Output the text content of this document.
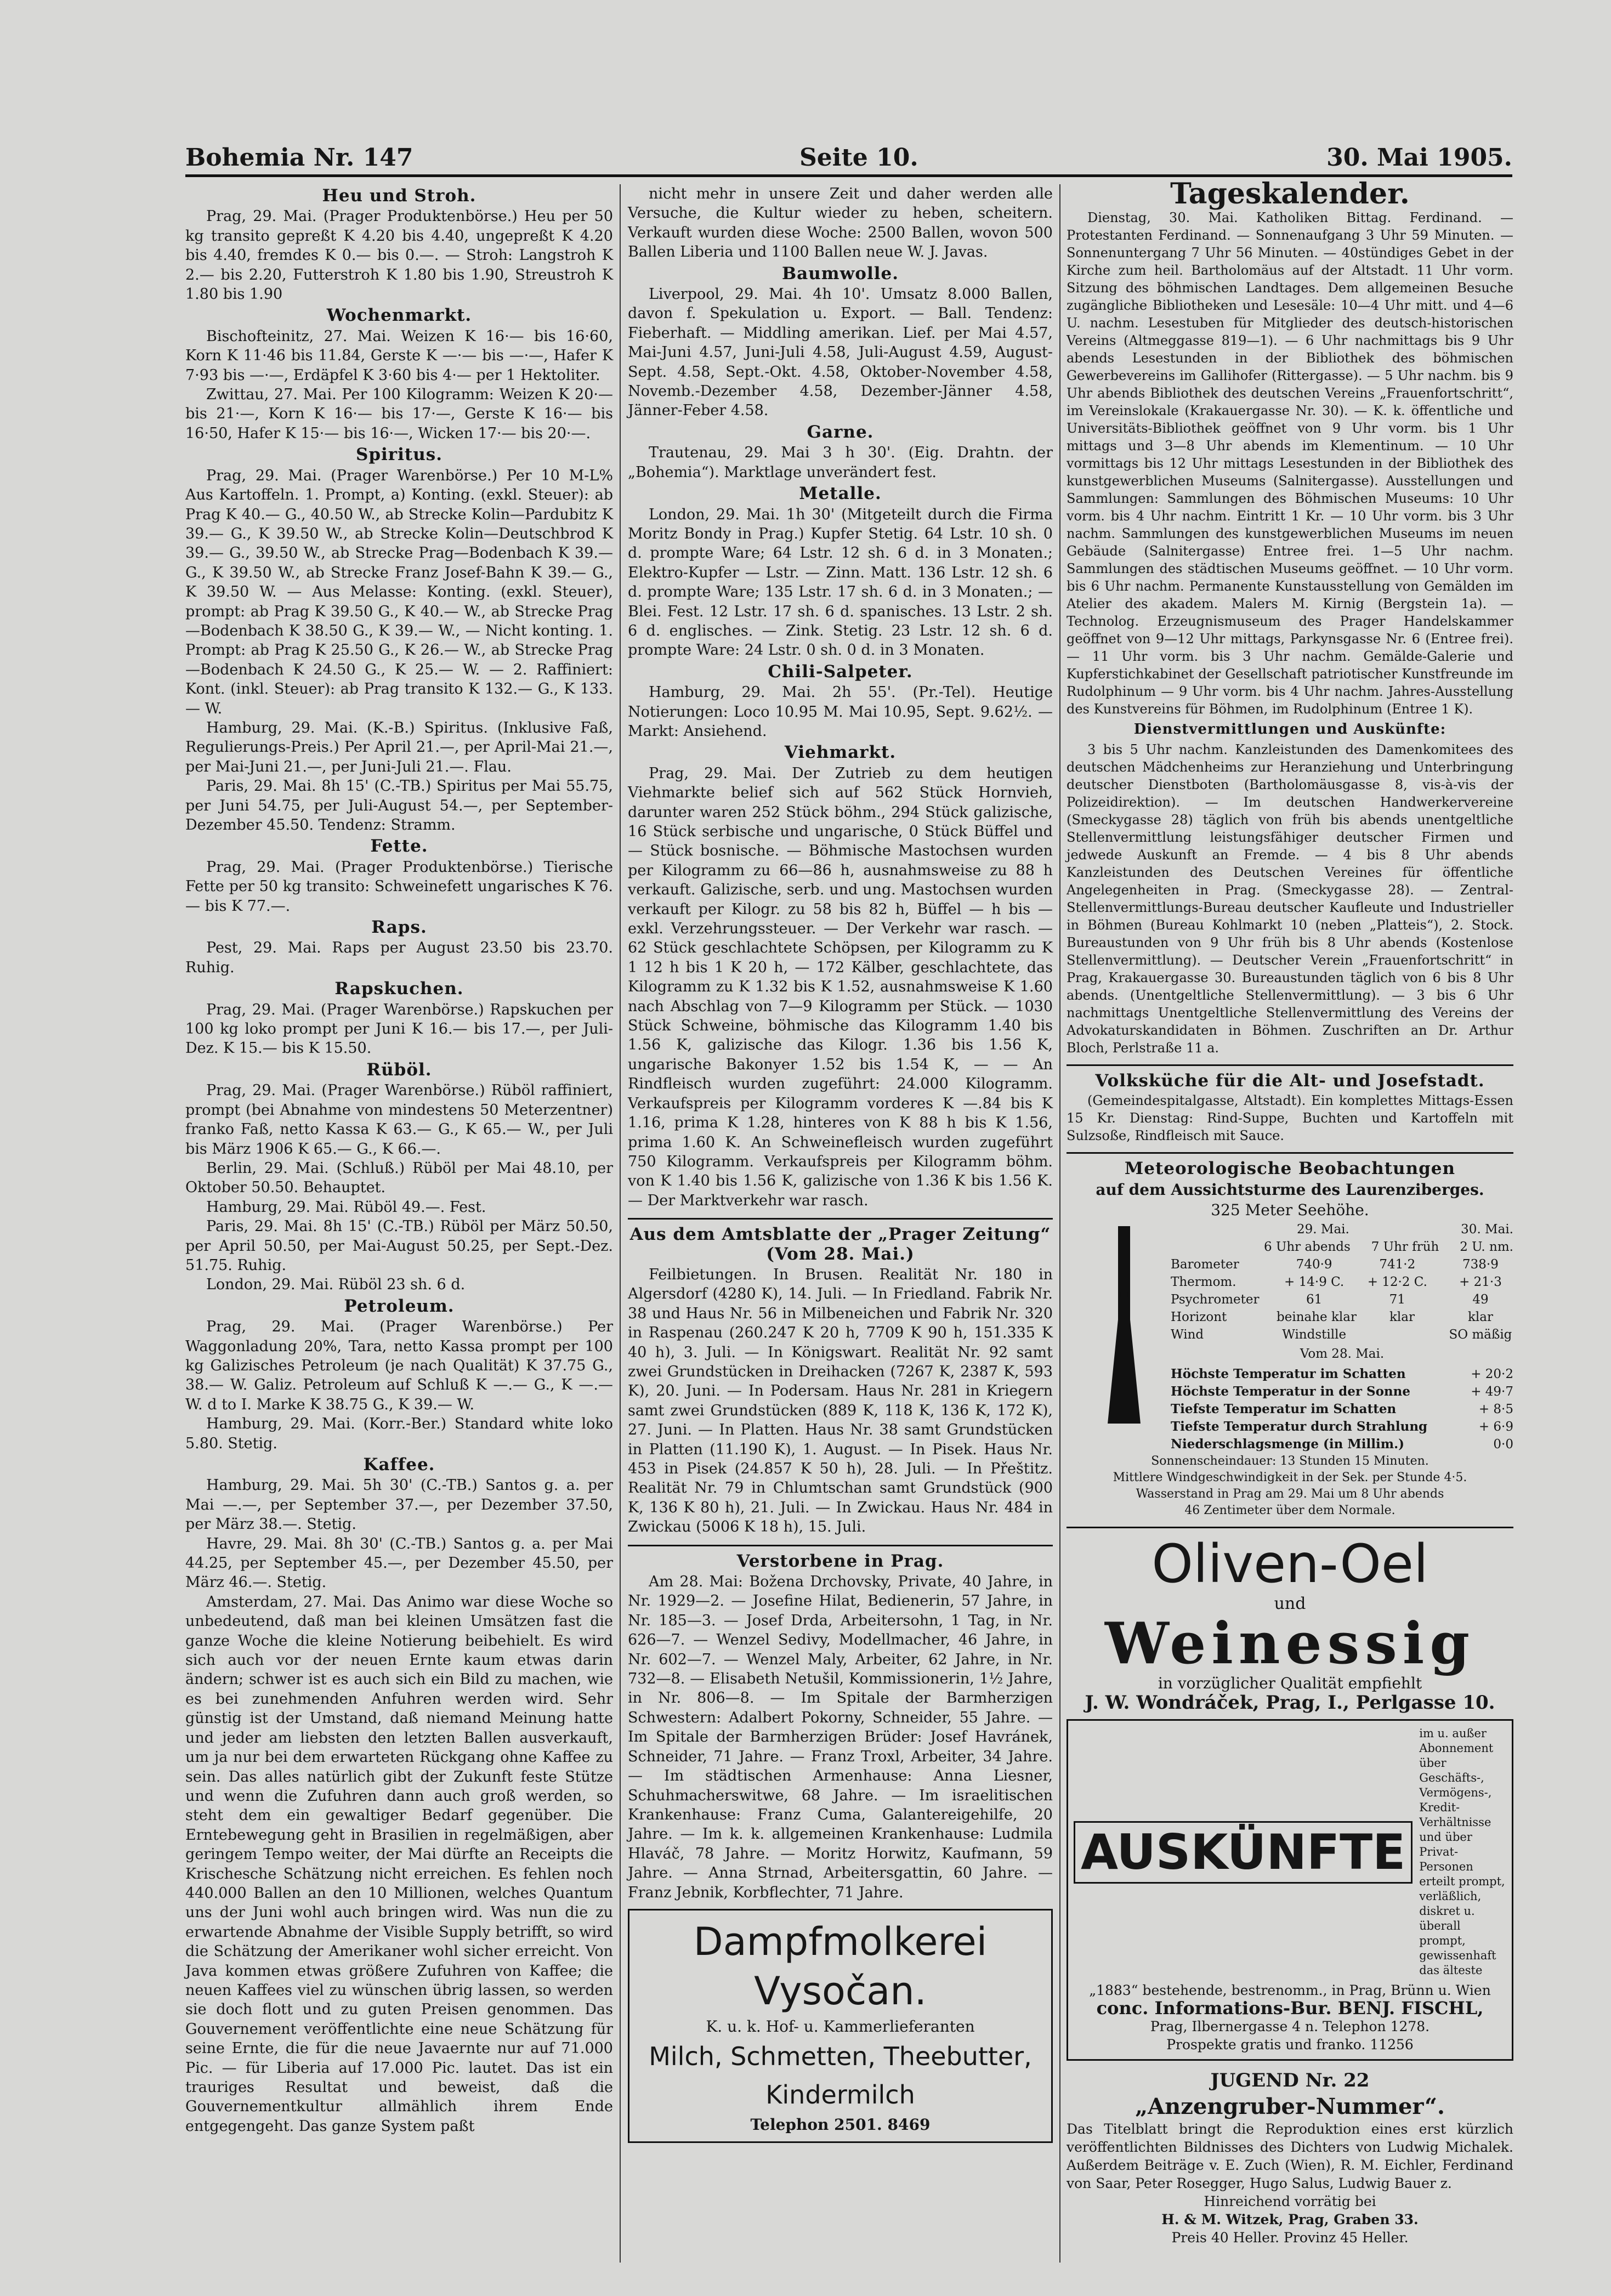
Bohemia Nr. 147	Seite 10.	30. Mai 1905.
Heu und Stroh.

Prag, 29. Mai. (Prager Produktenbörse.) Heu per 50 kg transito gepreßt K 4.20 bis 4.40, ungepreßt K 4.20 bis 4.40, fremdes K 0.— bis 0.—. — Stroh: Langstroh K 2.— bis 2.20, Futterstroh K 1.80 bis 1.90, Streustroh K 1.80 bis 1.90

Wochenmarkt.

Bischofteinitz, 27. Mai. Weizen K 16·— bis 16·60, Korn K 11·46 bis 11.84, Gerste K —·— bis —·—, Hafer K 7·93 bis —·—, Erdäpfel K 3·60 bis 4·— per 1 Hektoliter.

Zwittau, 27. Mai. Per 100 Kilogramm: Weizen K 20·— bis 21·—, Korn K 16·— bis 17·—, Gerste K 16·— bis 16·50, Hafer K 15·— bis 16·—, Wicken 17·— bis 20·—.

Spiritus.

Prag, 29. Mai. (Prager Warenbörse.) Per 10 M-L% Aus Kartoffeln. 1. Prompt, a) Konting. (exkl. Steuer): ab Prag K 40.— G., 40.50 W., ab Strecke Kolin—Pardubitz K 39.— G., K 39.50 W., ab Strecke Kolin—Deutschbrod K 39.— G., 39.50 W., ab Strecke Prag—Bodenbach K 39.— G., K 39.50 W., ab Strecke Franz Josef-Bahn K 39.— G., K 39.50 W. — Aus Melasse: Konting. (exkl. Steuer), prompt: ab Prag K 39.50 G., K 40.— W., ab Strecke Prag—Bodenbach K 38.50 G., K 39.— W., — Nicht konting. 1. Prompt: ab Prag K 25.50 G., K 26.— W., ab Strecke Prag—Bodenbach K 24.50 G., K 25.— W. — 2. Raffiniert: Kont. (inkl. Steuer): ab Prag transito K 132.— G., K 133.— W.

Hamburg, 29. Mai. (K.-B.) Spiritus. (Inklusive Faß, Regulierungs-Preis.) Per April 21.—, per April-Mai 21.—, per Mai-Juni 21.—, per Juni-Juli 21.—. Flau.

Paris, 29. Mai. 8h 15' (C.-TB.) Spiritus per Mai 55.75, per Juni 54.75, per Juli-August 54.—, per September-Dezember 45.50. Tendenz: Stramm.

Fette.

Prag, 29. Mai. (Prager Produktenbörse.) Tierische Fette per 50 kg transito: Schweinefett ungarisches K 76.— bis K 77.—.

Raps.

Pest, 29. Mai. Raps per August 23.50 bis 23.70. Ruhig.

Rapskuchen.

Prag, 29. Mai. (Prager Warenbörse.) Rapskuchen per 100 kg loko prompt per Juni K 16.— bis 17.—, per Juli-Dez. K 15.— bis K 15.50.

Rüböl.

Prag, 29. Mai. (Prager Warenbörse.) Rüböl raffiniert, prompt (bei Abnahme von mindestens 50 Meterzentner) franko Faß, netto Kassa K 63.— G., K 65.— W., per Juli bis März 1906 K 65.— G., K 66.—.

Berlin, 29. Mai. (Schluß.) Rüböl per Mai 48.10, per Oktober 50.50. Behauptet.

Hamburg, 29. Mai. Rüböl 49.—. Fest.

Paris, 29. Mai. 8h 15' (C.-TB.) Rüböl per März 50.50, per April 50.50, per Mai-August 50.25, per Sept.-Dez. 51.75. Ruhig.

London, 29. Mai. Rüböl 23 sh. 6 d.

Petroleum.

Prag, 29. Mai. (Prager Warenbörse.) Per Waggonladung 20%, Tara, netto Kassa prompt per 100 kg Galizisches Petroleum (je nach Qualität) K 37.75 G., 38.— W. Galiz. Petroleum auf Schluß K —.— G., K —.— W. d to I. Marke K 38.75 G., K 39.— W.

Hamburg, 29. Mai. (Korr.-Ber.) Standard white loko 5.80. Stetig.

Kaffee.

Hamburg, 29. Mai. 5h 30' (C.-TB.) Santos g. a. per Mai —.—, per September 37.—, per Dezember 37.50, per März 38.—. Stetig.

Havre, 29. Mai. 8h 30' (C.-TB.) Santos g. a. per Mai 44.25, per September 45.—, per Dezember 45.50, per März 46.—. Stetig.

Amsterdam, 27. Mai. Das Animo war diese Woche so unbedeutend, daß man bei kleinen Umsätzen fast die ganze Woche die kleine Notierung beibehielt. Es wird sich auch vor der neuen Ernte kaum etwas darin ändern; schwer ist es auch sich ein Bild zu machen, wie es bei zunehmenden Anfuhren werden wird. Sehr günstig ist der Umstand, daß niemand Meinung hatte und jeder am liebsten den letzten Ballen ausverkauft, um ja nur bei dem erwarteten Rückgang ohne Kaffee zu sein. Das alles natürlich gibt der Zukunft feste Stütze und wenn die Zufuhren dann auch groß werden, so steht dem ein gewaltiger Bedarf gegenüber. Die Erntebewegung geht in Brasilien in regelmäßigen, aber geringem Tempo weiter, der Mai dürfte an Receipts die Krischesche Schätzung nicht erreichen. Es fehlen noch 440.000 Ballen an den 10 Millionen, welches Quantum uns der Juni wohl auch bringen wird. Was nun die zu erwartende Abnahme der Visible Supply betrifft, so wird die Schätzung der Amerikaner wohl sicher erreicht. Von Java kommen etwas größere Zufuhren von Kaffee; die neuen Kaffees viel zu wünschen übrig lassen, so werden sie doch flott und zu guten Preisen genommen. Das Gouvernement veröffentlichte eine neue Schätzung für seine Ernte, die für die neue Javaernte nur auf 71.000 Pic. — für Liberia auf 17.000 Pic. lautet. Das ist ein trauriges Resultat und beweist, daß die Gouvernementkultur allmählich ihrem Ende entgegengeht. Das ganze System paßt

nicht mehr in unsere Zeit und daher werden alle Versuche, die Kultur wieder zu heben, scheitern. Verkauft wurden diese Woche: 2500 Ballen, wovon 500 Ballen Liberia und 1100 Ballen neue W. J. Javas.

Baumwolle.

Liverpool, 29. Mai. 4h 10'. Umsatz 8.000 Ballen, davon f. Spekulation u. Export. — Ball. Tendenz: Fieberhaft. — Middling amerikan. Lief. per Mai 4.57, Mai-Juni 4.57, Juni-Juli 4.58, Juli-August 4.59, August-Sept. 4.58, Sept.-Okt. 4.58, Oktober-November 4.58, Novemb.-Dezember 4.58, Dezember-Jänner 4.58, Jänner-Feber 4.58.

Garne.

Trautenau, 29. Mai 3 h 30'. (Eig. Drahtn. der „Bohemia“). Marktlage unverändert fest.

Metalle.

London, 29. Mai. 1h 30' (Mitgeteilt durch die Firma Moritz Bondy in Prag.) Kupfer Stetig. 64 Lstr. 10 sh. 0 d. prompte Ware; 64 Lstr. 12 sh. 6 d. in 3 Monaten.; Elektro-Kupfer — Lstr. — Zinn. Matt. 136 Lstr. 12 sh. 6 d. prompte Ware; 135 Lstr. 17 sh. 6 d. in 3 Monaten.; — Blei. Fest. 12 Lstr. 17 sh. 6 d. spanisches. 13 Lstr. 2 sh. 6 d. englisches. — Zink. Stetig. 23 Lstr. 12 sh. 6 d. prompte Ware: 24 Lstr. 0 sh. 0 d. in 3 Monaten.

Chili-Salpeter.

Hamburg, 29. Mai. 2h 55'. (Pr.-Tel). Heutige Notierungen: Loco 10.95 M. Mai 10.95, Sept. 9.62½. — Markt: Ansiehend.

Viehmarkt.

Prag, 29. Mai. Der Zutrieb zu dem heutigen Viehmarkte belief sich auf 562 Stück Hornvieh, darunter waren 252 Stück böhm., 294 Stück galizische, 16 Stück serbische und ungarische, 0 Stück Büffel und — Stück bosnische. — Böhmische Mastochsen wurden per Kilogramm zu 66—86 h, ausnahmsweise zu 88 h verkauft. Galizische, serb. und ung. Mastochsen wurden verkauft per Kilogr. zu 58 bis 82 h, Büffel — h bis — exkl. Verzehrungssteuer. — Der Verkehr war rasch. — 62 Stück geschlachtete Schöpsen, per Kilogramm zu K 1 12 h bis 1 K 20 h, — 172 Kälber, geschlachtete, das Kilogramm zu K 1.32 bis K 1.52, ausnahmsweise K 1.60 nach Abschlag von 7—9 Kilogramm per Stück. — 1030 Stück Schweine, böhmische das Kilogramm 1.40 bis 1.56 K, galizische das Kilogr. 1.36 bis 1.56 K, ungarische Bakonyer 1.52 bis 1.54 K, — — An Rindfleisch wurden zugeführt: 24.000 Kilogramm. Verkaufspreis per Kilogramm vorderes K —.84 bis K 1.16, prima K 1.28, hinteres von K 88 h bis K 1.56, prima 1.60 K. An Schweinefleisch wurden zugeführt 750 Kilogramm. Verkaufspreis per Kilogramm böhm. von K 1.40 bis 1.56 K, galizische von 1.36 K bis 1.56 K. — Der Marktverkehr war rasch.

Aus dem Amtsblatte der „Prager Zeitung“ (Vom 28. Mai.)

Feilbietungen. In Brusen. Realität Nr. 180 in Algersdorf (4280 K), 14. Juli. — In Friedland. Fabrik Nr. 38 und Haus Nr. 56 in Milbeneichen und Fabrik Nr. 320 in Raspenau (260.247 K 20 h, 7709 K 90 h, 151.335 K 40 h), 3. Juli. — In Königswart. Realität Nr. 92 samt zwei Grundstücken in Dreihacken (7267 K, 2387 K, 593 K), 20. Juni. — In Podersam. Haus Nr. 281 in Kriegern samt zwei Grundstücken (889 K, 118 K, 136 K, 172 K), 27. Juni. — In Platten. Haus Nr. 38 samt Grundstücken in Platten (11.190 K), 1. August. — In Pisek. Haus Nr. 453 in Pisek (24.857 K 50 h), 28. Juli. — In Přeštitz. Realität Nr. 79 in Chlumtschan samt Grundstück (900 K, 136 K 80 h), 21. Juli. — In Zwickau. Haus Nr. 484 in Zwickau (5006 K 18 h), 15. Juli.

Verstorbene in Prag.

Am 28. Mai: Božena Drchovsky, Private, 40 Jahre, in Nr. 1929—2. — Josefine Hilat, Bedienerin, 57 Jahre, in Nr. 185—3. — Josef Drda, Arbeitersohn, 1 Tag, in Nr. 626—7. — Wenzel Sedivy, Modellmacher, 46 Jahre, in Nr. 602—7. — Wenzel Maly, Arbeiter, 62 Jahre, in Nr. 732—8. — Elisabeth Netušil, Kommissionerin, 1½ Jahre, in Nr. 806—8. — Im Spitale der Barmherzigen Schwestern: Adalbert Pokorny, Schneider, 55 Jahre. — Im Spitale der Barmherzigen Brüder: Josef Havránek, Schneider, 71 Jahre. — Franz Troxl, Arbeiter, 34 Jahre. — Im städtischen Armenhause: Anna Liesner, Schuhmacherswitwe, 68 Jahre. — Im israelitischen Krankenhause: Franz Cuma, Galantereigehilfe, 20 Jahre. — Im k. k. allgemeinen Krankenhause: Ludmila Hlaváč, 78 Jahre. — Moritz Horwitz, Kaufmann, 59 Jahre. — Anna Strnad, Arbeitersgattin, 60 Jahre. — Franz Jebnik, Korbflechter, 71 Jahre.

Dampfmolkerei Vysočan.
K. u. k. Hof- u. Kammerlieferanten
Milch, Schmetten, Theebutter, Kindermilch
Telephon 2501. 8469
Tageskalender.

Dienstag, 30. Mai. Katholiken Bittag. Ferdinand. — Protestanten Ferdinand. — Sonnenaufgang 3 Uhr 59 Minuten. — Sonnenuntergang 7 Uhr 56 Minuten. — 40stündiges Gebet in der Kirche zum heil. Bartholomäus auf der Altstadt. 11 Uhr vorm. Sitzung des böhmischen Landtages. Dem allgemeinen Besuche zugängliche Bibliotheken und Lesesäle: 10—4 Uhr mitt. und 4—6 U. nachm. Lesestuben für Mitglieder des deutsch-historischen Vereins (Altmeggasse 819—1). — 6 Uhr nachmittags bis 9 Uhr abends Lesestunden in der Bibliothek des böhmischen Gewerbevereins im Gallihofer (Rittergasse). — 5 Uhr nachm. bis 9 Uhr abends Bibliothek des deutschen Vereins „Frauenfortschritt“, im Vereinslokale (Krakauergasse Nr. 30). — K. k. öffentliche und Universitäts-Bibliothek geöffnet von 9 Uhr vorm. bis 1 Uhr mittags und 3—8 Uhr abends im Klementinum. — 10 Uhr vormittags bis 12 Uhr mittags Lesestunden in der Bibliothek des kunstgewerblichen Museums (Salnitergasse). Ausstellungen und Sammlungen: Sammlungen des Böhmischen Museums: 10 Uhr vorm. bis 4 Uhr nachm. Eintritt 1 Kr. — 10 Uhr vorm. bis 3 Uhr nachm. Sammlungen des kunstgewerblichen Museums im neuen Gebäude (Salnitergasse) Entree frei. 1—5 Uhr nachm. Sammlungen des städtischen Museums geöffnet. — 10 Uhr vorm. bis 6 Uhr nachm. Permanente Kunstausstellung von Gemälden im Atelier des akadem. Malers M. Kirnig (Bergstein 1a). — Technolog. Erzeugnismuseum des Prager Handelskammer geöffnet von 9—12 Uhr mittags, Parkynsgasse Nr. 6 (Entree frei). — 11 Uhr vorm. bis 3 Uhr nachm. Gemälde-Galerie und Kupferstichkabinet der Gesellschaft patriotischer Kunstfreunde im Rudolphinum — 9 Uhr vorm. bis 4 Uhr nachm. Jahres-Ausstellung des Kunstvereins für Böhmen, im Rudolphinum (Entree 1 K).

Dienstvermittlungen und Auskünfte:

3 bis 5 Uhr nachm. Kanzleistunden des Damenkomitees des deutschen Mädchenheims zur Heranziehung und Unterbringung deutscher Dienstboten (Bartholomäusgasse 8, vis-à-vis der Polizeidirektion). — Im deutschen Handwerkervereine (Smeckygasse 28) täglich von früh bis abends unentgeltliche Stellenvermittlung leistungsfähiger deutscher Firmen und jedwede Auskunft an Fremde. — 4 bis 8 Uhr abends Kanzleistunden des Deutschen Vereines für öffentliche Angelegenheiten in Prag. (Smeckygasse 28). — Zentral-Stellenvermittlungs-Bureau deutscher Kaufleute und Industrieller in Böhmen (Bureau Kohlmarkt 10 (neben „Platteis“), 2. Stock. Bureaustunden von 9 Uhr früh bis 8 Uhr abends (Kostenlose Stellenvermittlung). — Deutscher Verein „Frauenfortschritt“ in Prag, Krakauergasse 30. Bureaustunden täglich von 6 bis 8 Uhr abends. (Unentgeltliche Stellenvermittlung). — 3 bis 6 Uhr nachmittags Unentgeltliche Stellenvermittlung des Vereins der Advokaturskandidaten in Böhmen. Zuschriften an Dr. Arthur Bloch, Perlstraße 11 a.

Volksküche für die Alt- und Josefstadt.

(Gemeindespitalgasse, Altstadt). Ein komplettes Mittags-Essen 15 Kr. Dienstag: Rind-Suppe, Buchten und Kartoffeln mit Sulzsoße, Rindfleisch mit Sauce.

Meteorologische Beobachtungen
auf dem Aussichtsturme des Laurenziberges.
325 Meter Seehöhe.
29. Mai.	30. Mai.
6 Uhr abends 7 Uhr früh 2 U. nm.
Barometer	740·9	741·2	738·9
Thermom.	+ 14·9 C. + 12·2 C.	+ 21·3
Psychrometer	61	71	49
Horizont	beinahe klar	klar	klar
Wind	Windstille	SO mäßig
Vom 28. Mai.
Höchste Temperatur im Schatten	+ 20·2
Höchste Temperatur in der Sonne	+ 49·7
Tiefste Temperatur im Schatten	+ 8·5
Tiefste Temperatur durch Strahlung	+ 6·9
Niederschlagsmenge (in Millim.)	0·0
Sonnenscheindauer: 13 Stunden 15 Minuten.
Mittlere Windgeschwindigkeit in der Sek. per Stunde 4·5.
Wasserstand in Prag am 29. Mai um 8 Uhr abends
46 Zentimeter über dem Normale.
Oliven-Oel
und
Weinessig
in vorzüglicher Qualität empfiehlt
J. W. Wondráček, Prag, I., Perlgasse 10.
AUSKÜNFTE
im u. außer Abonnement über Geschäfts-, Vermögens-, Kredit-Verhältnisse und über Privat-Personen erteilt prompt, verläßlich, diskret u. überall prompt, gewissenhaft das älteste
„1883“ bestehende, bestrenomm., in Prag, Brünn u. Wien
conc. Informations-Bur. BENJ. FISCHL,
Prag, Ilbernergasse 4 n. Telephon 1278.
Prospekte gratis und franko. 11256
JUGEND Nr. 22
„Anzengruber-Nummer“.
Das Titelblatt bringt die Reproduktion eines erst kürzlich veröffentlichten Bildnisses des Dichters von Ludwig Michalek. Außerdem Beiträge v. E. Zuch (Wien), R. M. Eichler, Ferdinand von Saar, Peter Rosegger, Hugo Salus, Ludwig Bauer z.
Hinreichend vorrätig bei
H. & M. Witzek, Prag, Graben 33.
Preis 40 Heller. Provinz 45 Heller.
